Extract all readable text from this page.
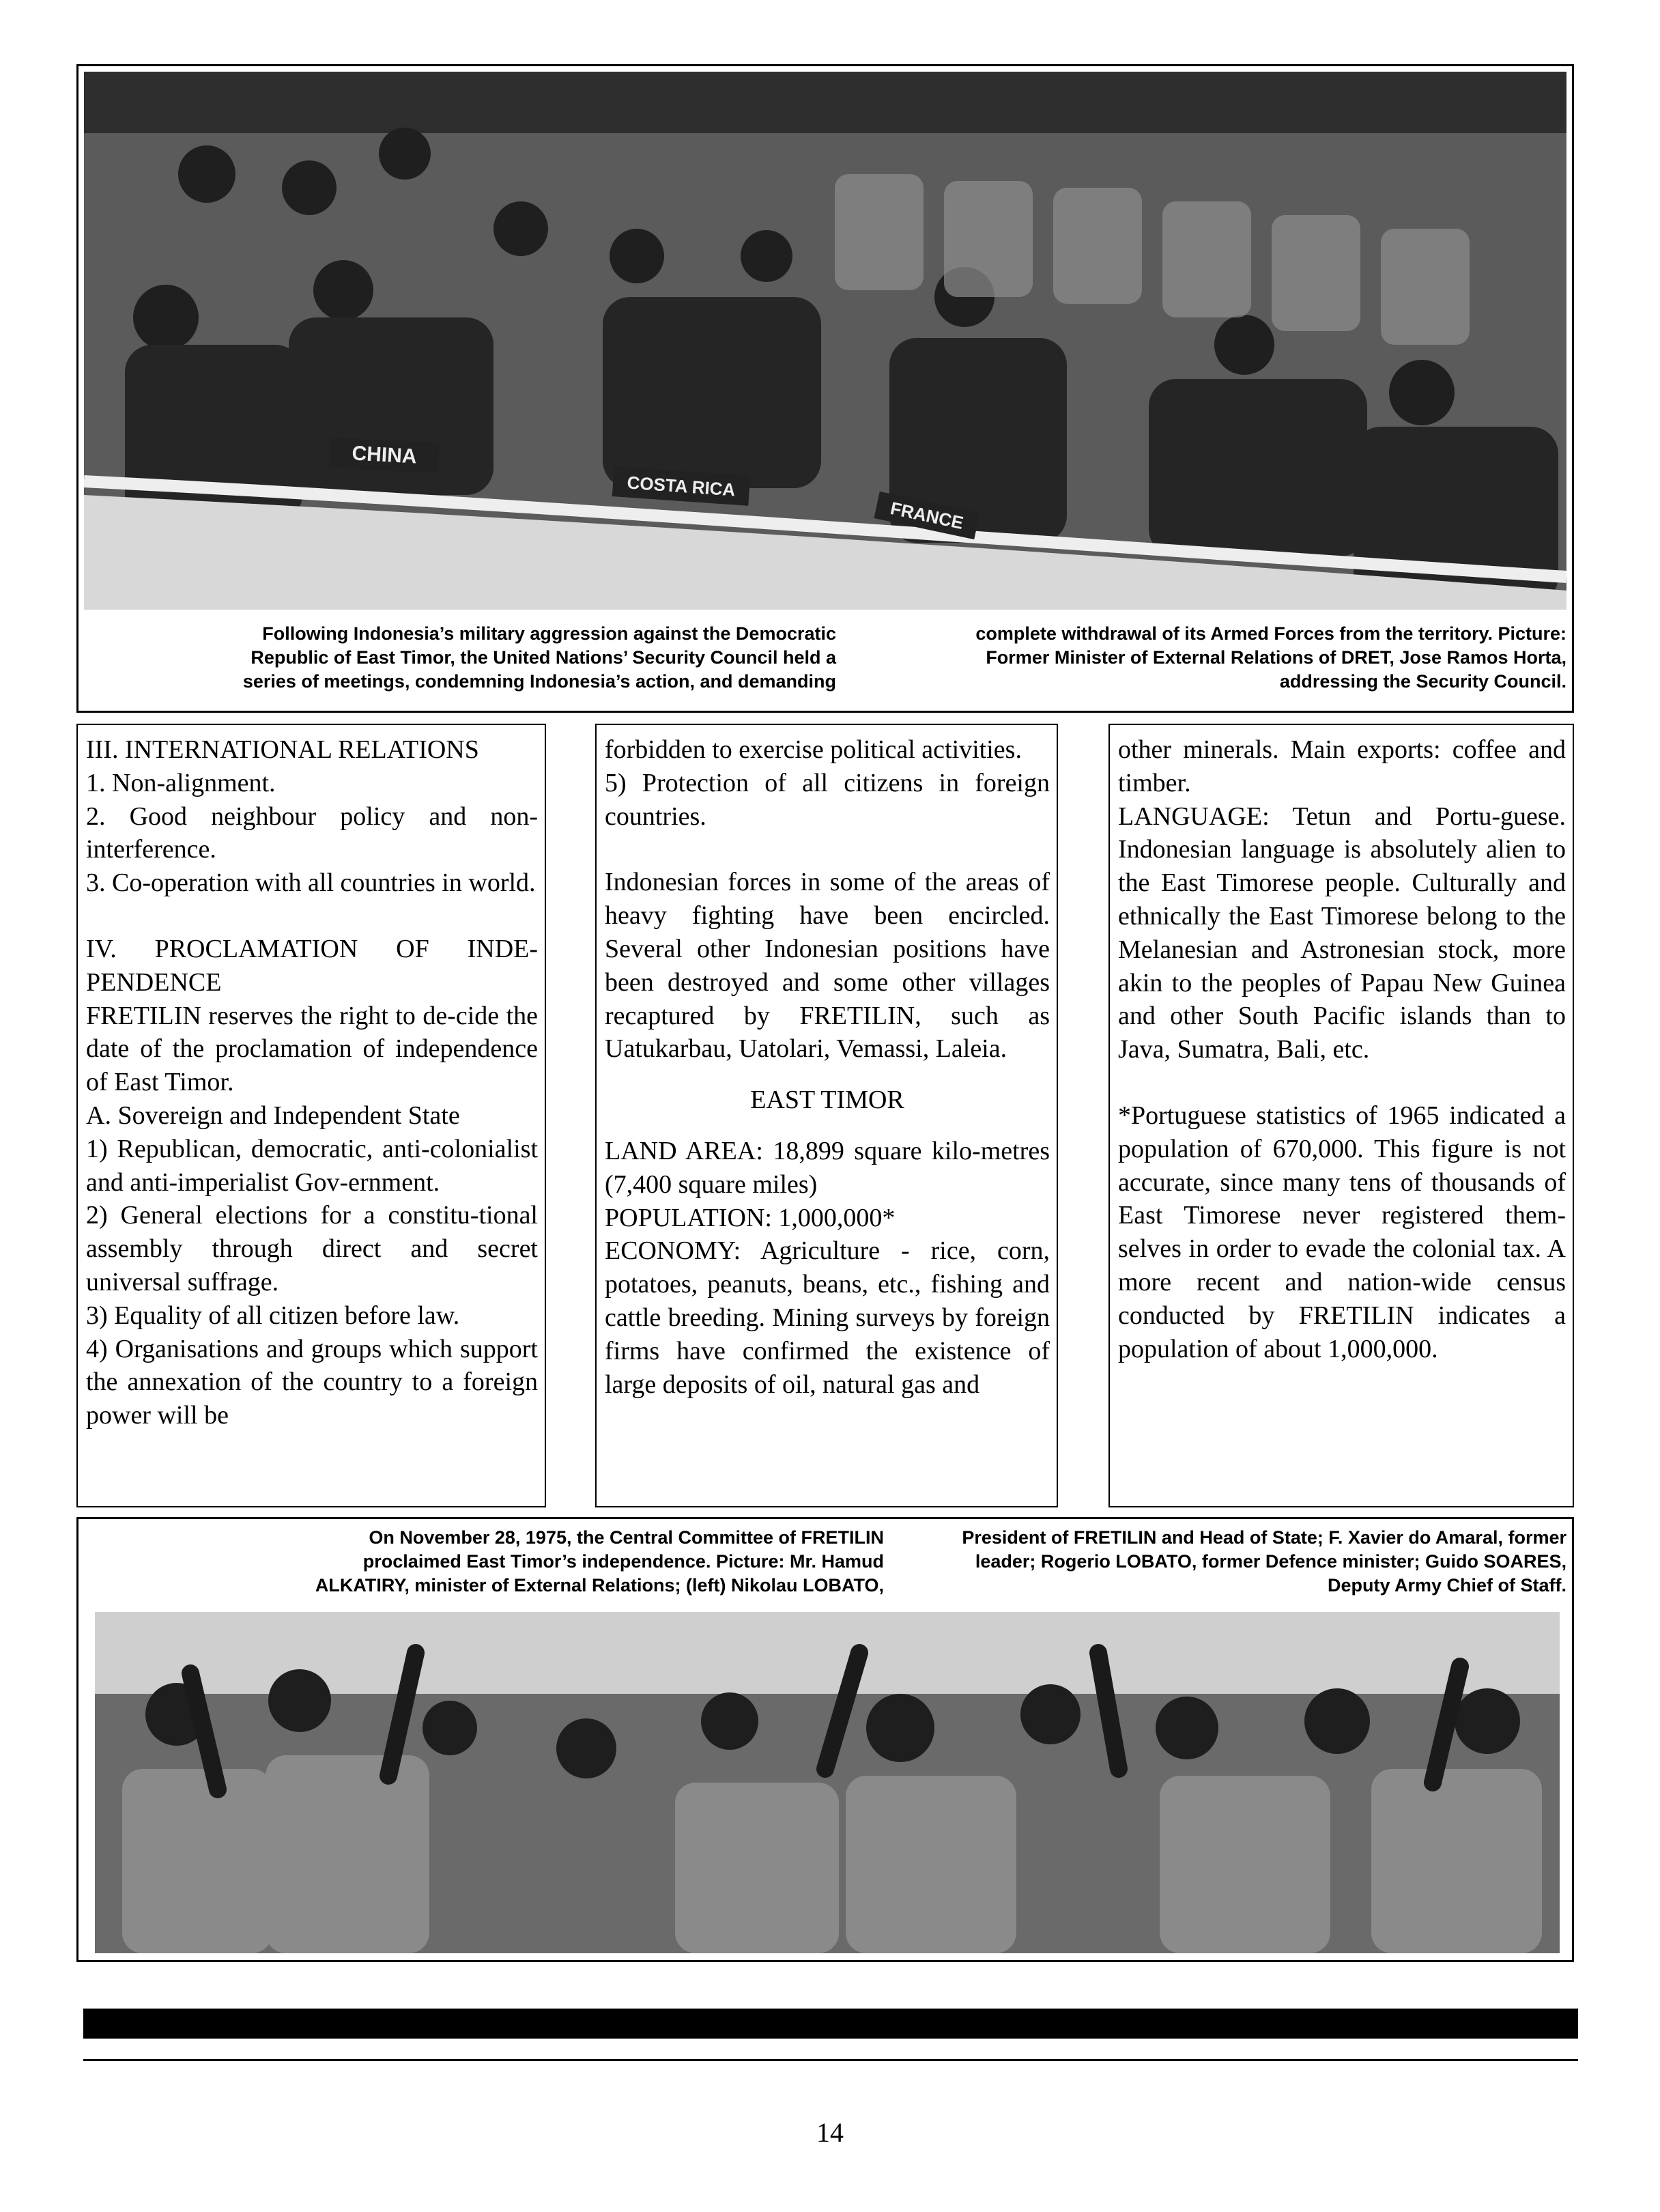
CHINA
COSTA RICA
FRANCE
Following Indonesia’s military aggression against the Democratic
Republic of East Timor, the United Nations’ Security Council held a
series of meetings, condemning Indonesia’s action, and demanding
complete withdrawal of its Armed Forces from the territory. Picture:
Former Minister of External Relations of DRET, Jose Ramos Horta,
addressing the Security Council.

III. INTERNATIONAL RELATIONS

1. Non-alignment.

2. Good neighbour policy and non-interference.

3. Co-operation with all countries in world.

IV. PROCLAMATION OF INDE-PENDENCE

FRETILIN reserves the right to de-cide the date of the proclamation of independence of East Timor.

A. Sovereign and Independent State

1) Republican, democratic, anti-colonialist and anti-imperialist Gov-ernment.

2) General elections for a constitu-tional assembly through direct and secret universal suffrage.

3) Equality of all citizen before law.

4) Organisations and groups which support the annexation of the country to a foreign power will be

forbidden to exercise political activities.

5) Protection of all citizens in foreign countries.

Indonesian forces in some of the areas of heavy fighting have been encircled. Several other Indonesian positions have been destroyed and some other villages recaptured by FRETILIN, such as Uatukarbau, Uatolari, Vemassi, Laleia.

EAST TIMOR

LAND AREA: 18,899 square kilo-metres (7,400 square miles)

POPULATION: 1,000,000*

ECONOMY: Agriculture - rice, corn, potatoes, peanuts, beans, etc., fishing and cattle breeding. Mining surveys by foreign firms have confirmed the existence of large deposits of oil, natural gas and

other minerals. Main exports: coffee and timber.

LANGUAGE: Tetun and Portu-guese. Indonesian language is absolutely alien to the East Timorese people. Culturally and ethnically the East Timorese belong to the Melanesian and Astronesian stock, more akin to the peoples of Papau New Guinea and other South Pacific islands than to Java, Sumatra, Bali, etc.

*Portuguese statistics of 1965 indicated a population of 670,000. This figure is not accurate, since many tens of thousands of East Timorese never registered them-selves in order to evade the colonial tax. A more recent and nation-wide census conducted by FRETILIN indicates a population of about 1,000,000.

On November 28, 1975, the Central Committee of FRETILIN
proclaimed East Timor’s independence. Picture: Mr. Hamud
ALKATIRY, minister of External Relations; (left) Nikolau LOBATO,
President of FRETILIN and Head of State; F. Xavier do Amaral, former
leader; Rogerio LOBATO, former Defence minister; Guido SOARES,
Deputy Army Chief of Staff.
14
